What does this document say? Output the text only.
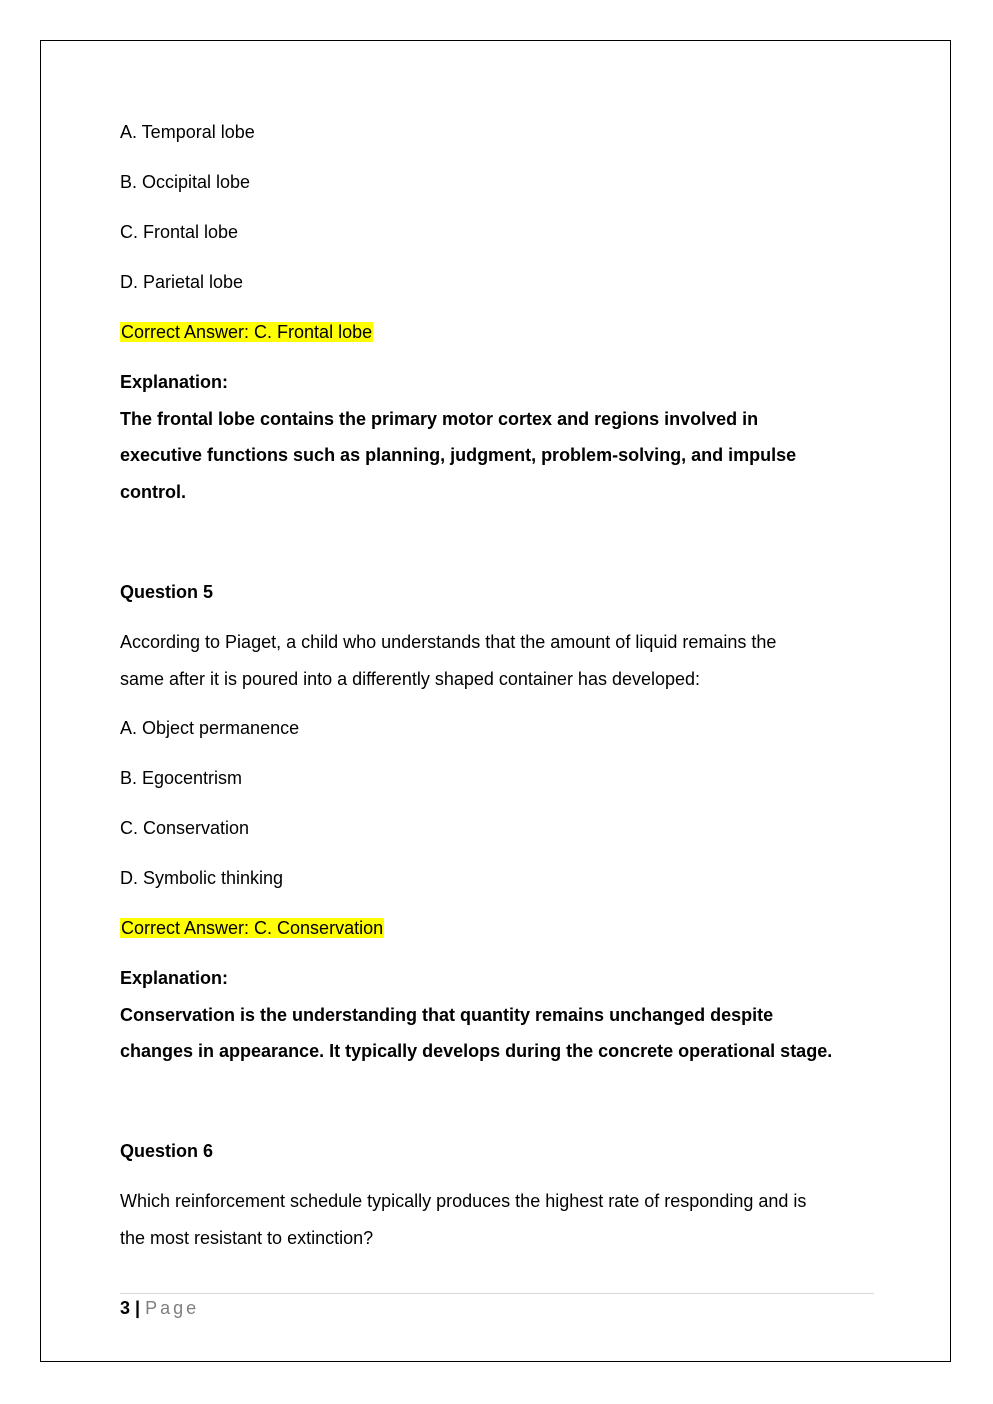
A. Temporal lobe
B. Occipital lobe
C. Frontal lobe
D. Parietal lobe
Correct Answer: C. Frontal lobe
Explanation:
The frontal lobe contains the primary motor cortex and regions involved in
executive functions such as planning, judgment, problem-solving, and impulse
control.
Question 5
According to Piaget, a child who understands that the amount of liquid remains the
same after it is poured into a differently shaped container has developed:
A. Object permanence
B. Egocentrism
C. Conservation
D. Symbolic thinking
Correct Answer: C. Conservation
Explanation:
Conservation is the understanding that quantity remains unchanged despite
changes in appearance. It typically develops during the concrete operational stage.
Question 6
Which reinforcement schedule typically produces the highest rate of responding and is
the most resistant to extinction?
3 | Page
